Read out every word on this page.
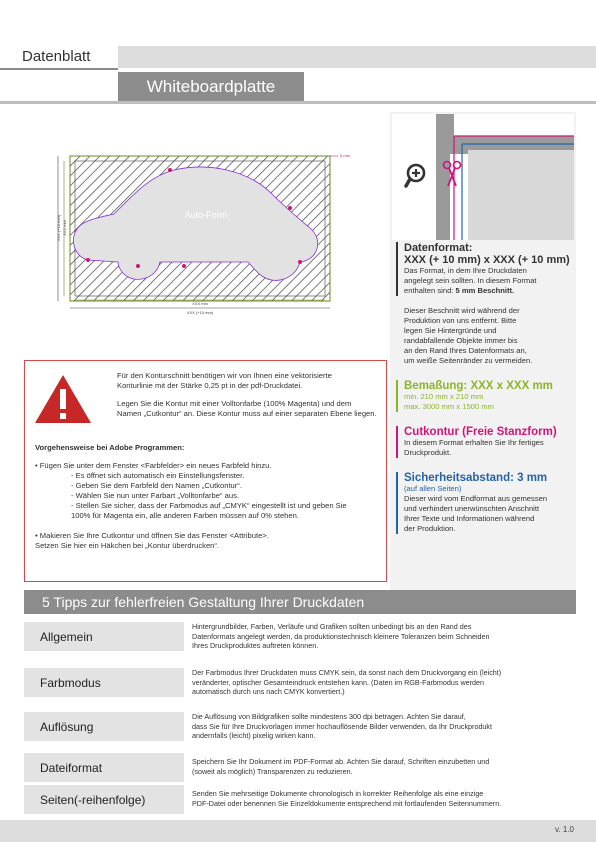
Datenblatt
Whiteboardplatte
Auto-Form
XXX mm
XXX (+10 mm)
XXX mm
XXX (+10 mm)
5 mm
Datenformat:
XXX (+ 10 mm) x XXX (+ 10 mm)
Das Format, in dem Ihre Druckdaten
angelegt sein sollten. In diesem Format
enthalten sind: 5 mm Beschnitt.
Dieser Beschnitt wird während der
Produktion von uns entfernt. Bitte
legen Sie Hintergründe und
randabfallende Objekte immer bis
an den Rand Ihres Datenformats an,
um weiße Seitenränder zu vermeiden.
Bemaßung: XXX x XXX mm
min. 210 mm x 210 mm
max. 3000 mm x 1500 mm
Cutkontur (Freie Stanzform)
In diesem Format erhalten Sie Ihr fertiges
Druckprodukt.
Sicherheitsabstand: 3 mm
(auf allen Seiten)
Dieser wird vom Endformat aus gemessen
und verhindert unerwünschten Anschnitt
Ihrer Texte und Informationen während
der Produktion.
Für den Konturschnitt benötigen wir von Ihnen eine vektorisierte
Konturlinie mit der Stärke 0,25 pt in der pdf-Druckdatei.
Legen Sie die Kontur mit einer Volltonfarbe (100% Magenta) und dem
Namen „Cutkontur“ an. Diese Kontur muss auf einer separaten Ebene liegen.
Vorgehensweise bei Adobe Programmen:
• Fügen Sie unter dem Fenster <Farbfelder> ein neues Farbfeld hinzu.
- Es öffnet sich automatisch ein Einstellungsfenster.
- Geben Sie dem Farbfeld den Namen „Cutkontur“.
- Wählen Sie nun unter Farbart „Volltonfarbe“ aus.
- Stellen Sie sicher, dass der Farbmodus auf „CMYK“ eingestellt ist und geben Sie
100% für Magenta ein, alle anderen Farben müssen auf 0% stehen.
• Makieren Sie Ihre Cutkontur und öffnen Sie das Fenster <Attribute>.
Setzen Sie hier ein Häkchen bei „Kontur überdrucken“.
5 Tipps zur fehlerfreien Gestaltung Ihrer Druckdaten
Allgemein
Hintergrundbilder, Farben, Verläufe und Grafiken sollten unbedingt bis an den Rand des
Datenformats angelegt werden, da produktionstechnisch kleinere Toleranzen beim Schneiden
Ihres Druckproduktes auftreten können.
Farbmodus
Der Farbmodus Ihrer Druckdaten muss CMYK sein, da sonst nach dem Druckvorgang ein (leicht)
veränderter, optischer Gesamteindruck entstehen kann. (Daten im RGB-Farbmodus werden
automatisch durch uns nach CMYK konvertiert.)
Auflösung
Die Auflösung von Bildgrafiken sollte mindestens 300 dpi betragen. Achten Sie darauf,
dass Sie für Ihre Druckvorlagen immer hochauflösende Bilder verwenden, da Ihr Druckprodukt
andernfalls (leicht) pixelig wirken kann.
Dateiformat	Speichern Sie Ihr Dokument im PDF-Format ab. Achten Sie darauf, Schriften einzubetten und
(soweit als möglich) Transparenzen zu reduzieren.
Seiten(-reihenfolge)	Senden Sie mehrseitige Dokumente chronologisch in korrekter Reihenfolge als eine einzige
PDF-Datei oder benennen Sie Einzeldokumente entsprechend mit fortlaufenden Seitennummern.
v. 1.0
